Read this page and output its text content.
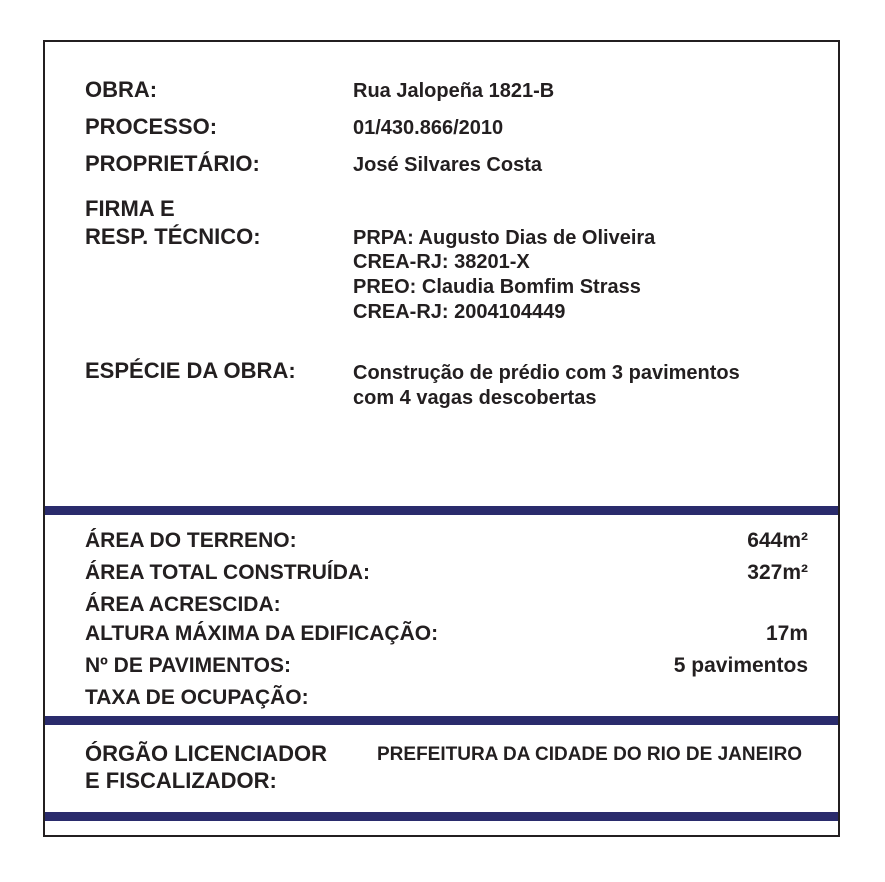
OBRA:	Rua Jalopeña 1821-B
PROCESSO:	01/430.866/2010
PROPRIETÁRIO:	José Silvares Costa
FIRMA E
RESP. TÉCNICO:	PRPA: Augusto Dias de Oliveira
CREA-RJ: 38201-X
PREO: Claudia Bomfim Strass
CREA-RJ: 2004104449
ESPÉCIE DA OBRA:	Construção de prédio com 3 pavimentos
com 4 vagas descobertas
ÁREA DO TERRENO:	644m²
ÁREA TOTAL CONSTRUÍDA:	327m²
ÁREA ACRESCIDA:
ALTURA MÁXIMA DA EDIFICAÇÃO:	17m
Nº DE PAVIMENTOS:	5 pavimentos
TAXA DE OCUPAÇÃO:
ÓRGÃO LICENCIADOR
E FISCALIZADOR:
PREFEITURA DA CIDADE DO RIO DE JANEIRO
